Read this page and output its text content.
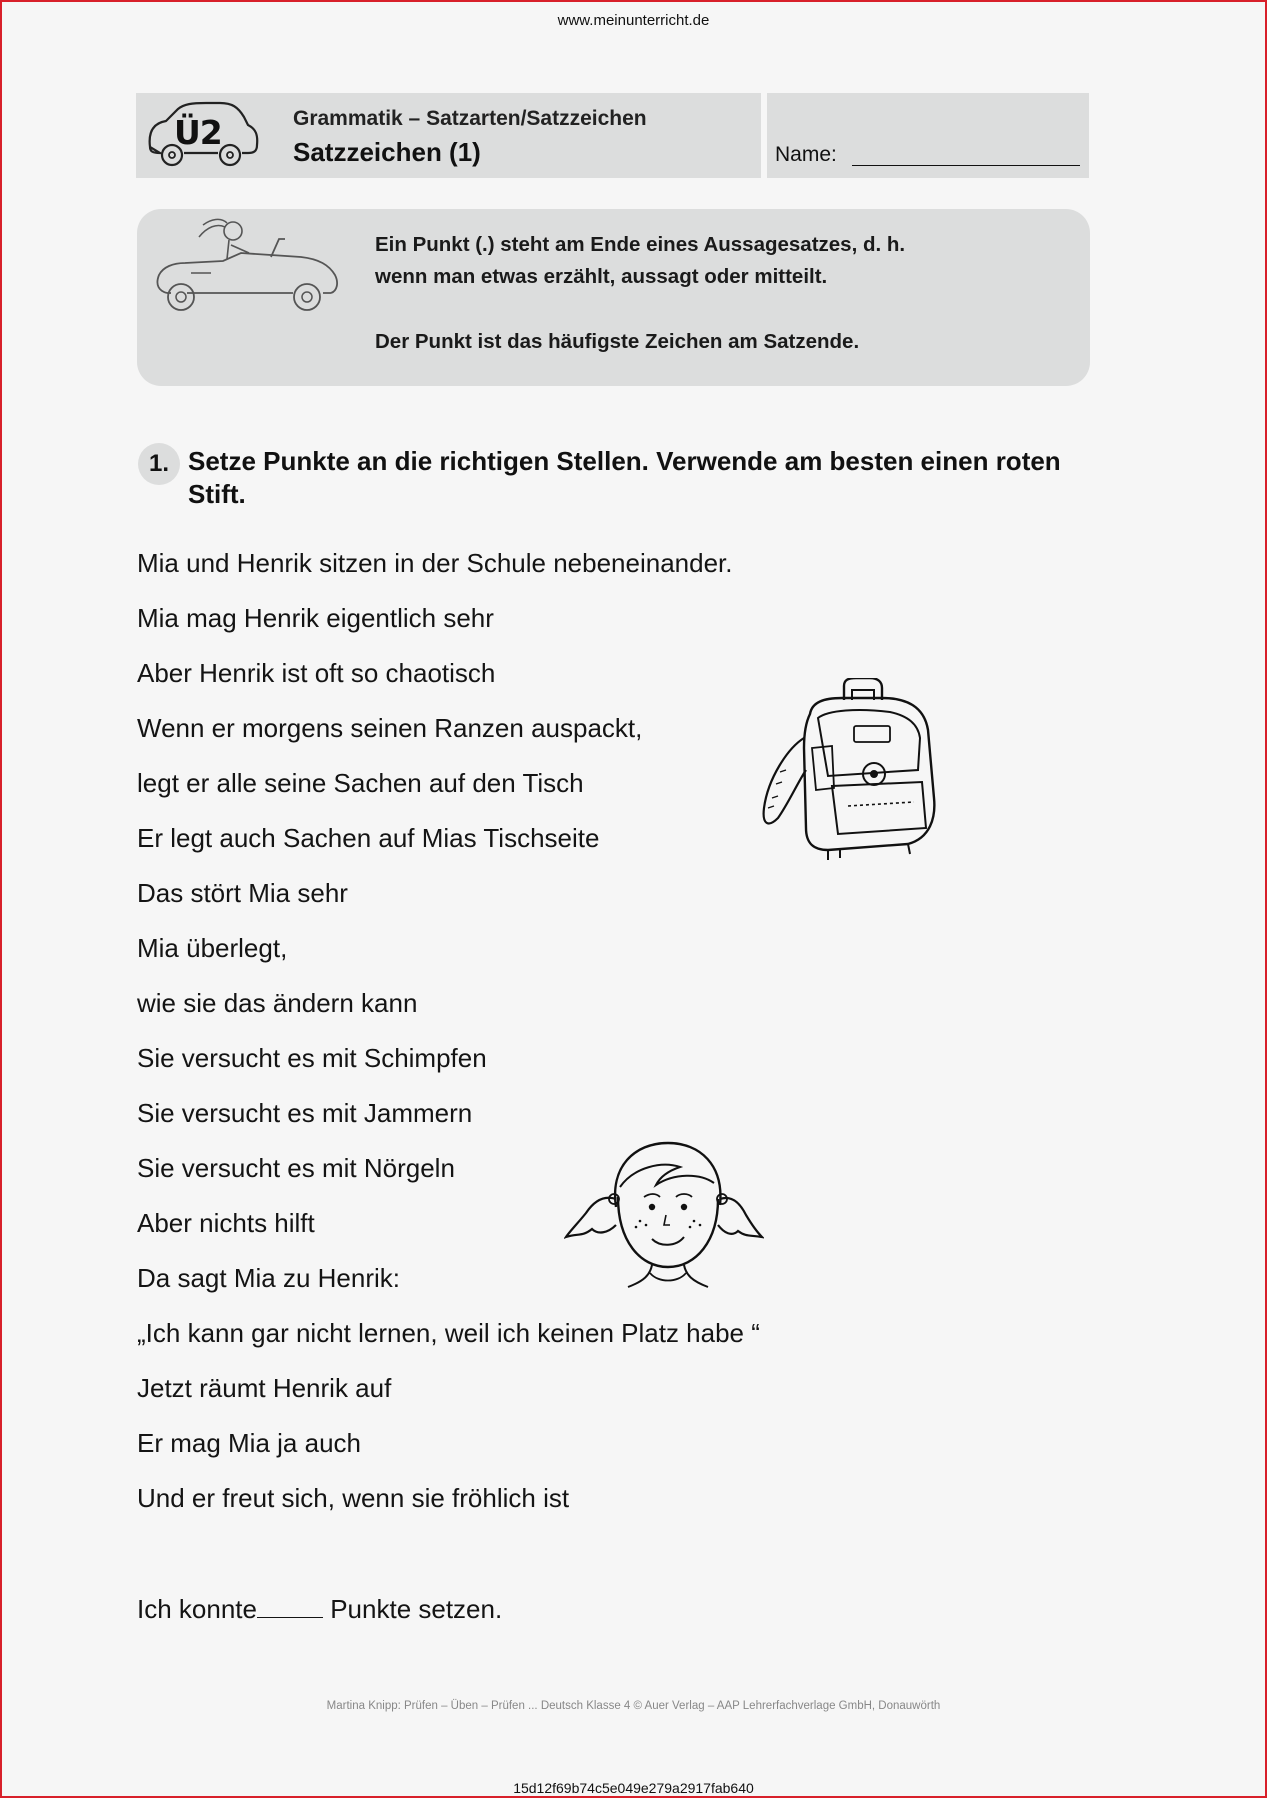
www.meinunterricht.de
Ü2	Grammatik – Satzarten/Satzzeichen
Satzzeichen (1)	Name:
Ein Punkt (.) steht am Ende eines Aussagesatzes, d. h.
wenn man etwas erzählt, aussagt oder mitteilt.
Der Punkt ist das häufigste Zeichen am Satzende.
1. Setze Punkte an die richtigen Stellen. Verwende am besten einen roten Stift.
Mia und Henrik sitzen in der Schule nebeneinander.
Mia mag Henrik eigentlich sehr
Aber Henrik ist oft so chaotisch
Wenn er morgens seinen Ranzen auspackt,
legt er alle seine Sachen auf den Tisch
Er legt auch Sachen auf Mias Tischseite
Das stört Mia sehr
Mia überlegt,
wie sie das ändern kann
Sie versucht es mit Schimpfen
Sie versucht es mit Jammern
Sie versucht es mit Nörgeln
Aber nichts hilft
Da sagt Mia zu Henrik:
„Ich kann gar nicht lernen, weil ich keinen Platz habe “
Jetzt räumt Henrik auf
Er mag Mia ja auch
Und er freut sich, wenn sie fröhlich ist
Ich konnte	Punkte setzen.
Martina Knipp: Prüfen – Üben – Prüfen ... Deutsch Klasse 4 © Auer Verlag – AAP Lehrerfachverlage GmbH, Donauwörth
15d12f69b74c5e049e279a2917fab640
